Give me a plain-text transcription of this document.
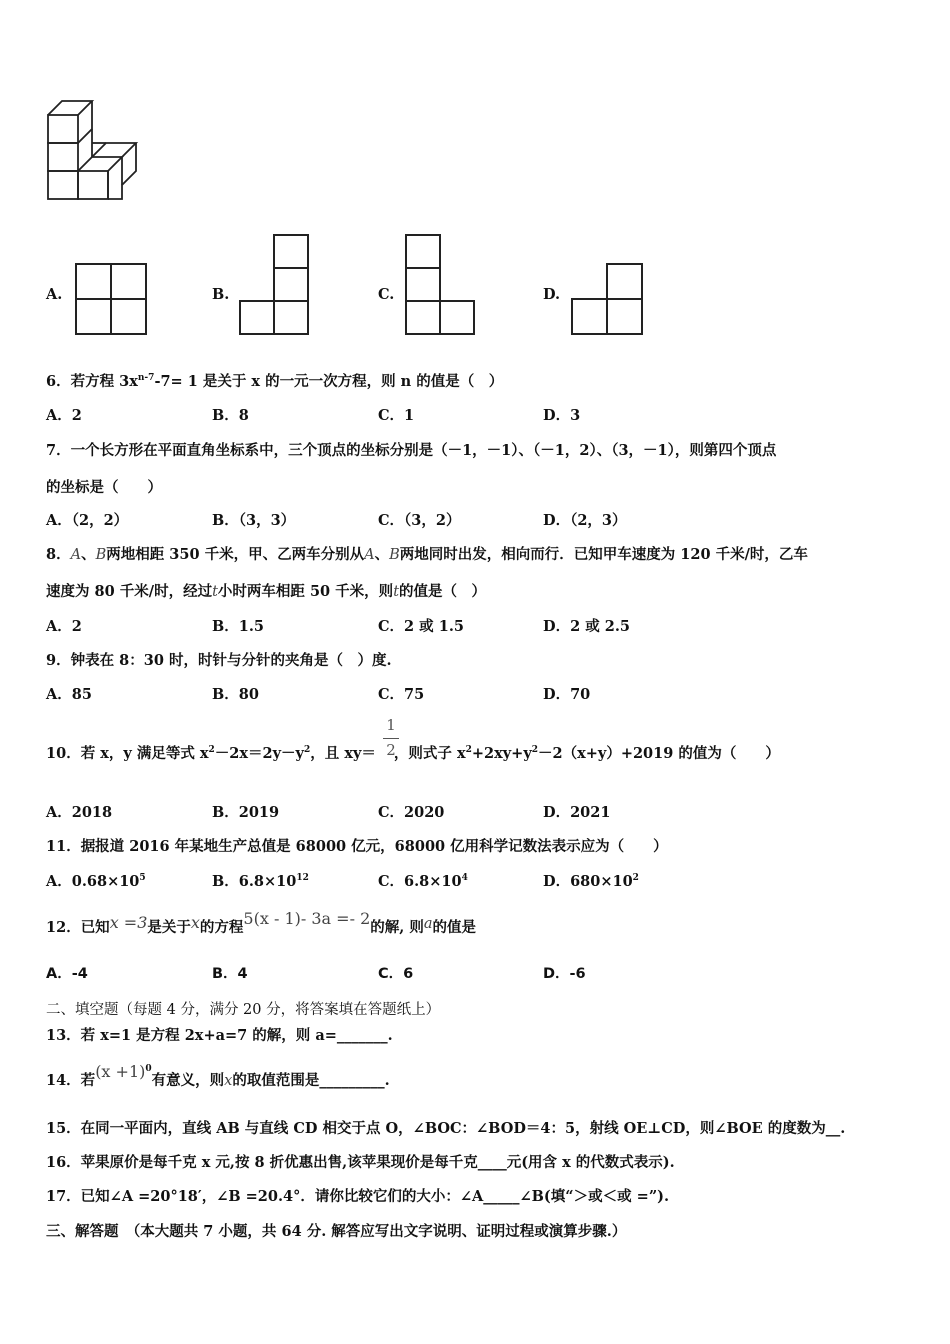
A.	B.	C.	D.
6．若方程 $3x^{n-7}-7= 1$ 是关于 x 的一元一次方程，则 n 的值是（　）
A．2	B．8	C．1	D．3
7．一个长方形在平面直角坐标系中，三个顶点的坐标分别是（－1，－1）、（－1，2）、（3，－1），则第四个顶点
的坐标是（　　）
A．（2，2）	B．（3，3）	C．（3，2）	D．（2，3）
8．A、B两地相距 350 千米，甲、乙两车分别从A、B两地同时出发，相向而行．已知甲车速度为 120 千米/时，乙车
速度为 80 千米/时，经过t小时两车相距 50 千米，则t的值是（　）
A．2	B．1.5	C．2 或 1.5	D．2 或 2.5
9．钟表在 8：30 时，时针与分针的夹角是（　）度.
A．85	B．80	C．75	D．70
10．若 x，y 满足等式 $x^2-2x=2y-y^2$，且 xy＝ ，则式子 $x^2+2xy+y^2-2(x+y)+2019$ 的值为（　　）
1
2
A．2018	B．2019	C．2020	D．2021
11．据报道 2016 年某地生产总值是 68000 亿元，68000 亿用科学记数法表示应为（　　）
A．$0.68\times 10^5$	B．$6.8\times 10^{12}$	C．$6.8\times 10^4$	D．$680\times 10^2$
12．已知x =3是关于x的方程5(x - 1)- 3a =- 2的解, 则a的值是
A．-4	B．4	C．6	D．-6
二、填空题（每题 4 分，满分 20 分，将答案填在答题纸上）
13．若 x=1 是方程 2x+a=7 的解，则 a=_______.
14．若$(x +1)^0$有意义，则x的取值范围是_________.
15．在同一平面内，直线 AB 与直线 CD 相交于点 O，∠BOC：∠BOD＝4：5，射线 OE⊥CD，则∠BOE 的度数为__.
16．苹果原价是每千克 x 元,按 8 折优惠出售,该苹果现价是每千克____元(用含 x 的代数式表示).
17．已知∠A =20°18′，∠B =20.4°．请你比较它们的大小：∠A_____∠B(填“＞或＜或 =”).
三、解答题　（本大题共 7 小题，共 64 分. 解答应写出文字说明、证明过程或演算步骤.）
